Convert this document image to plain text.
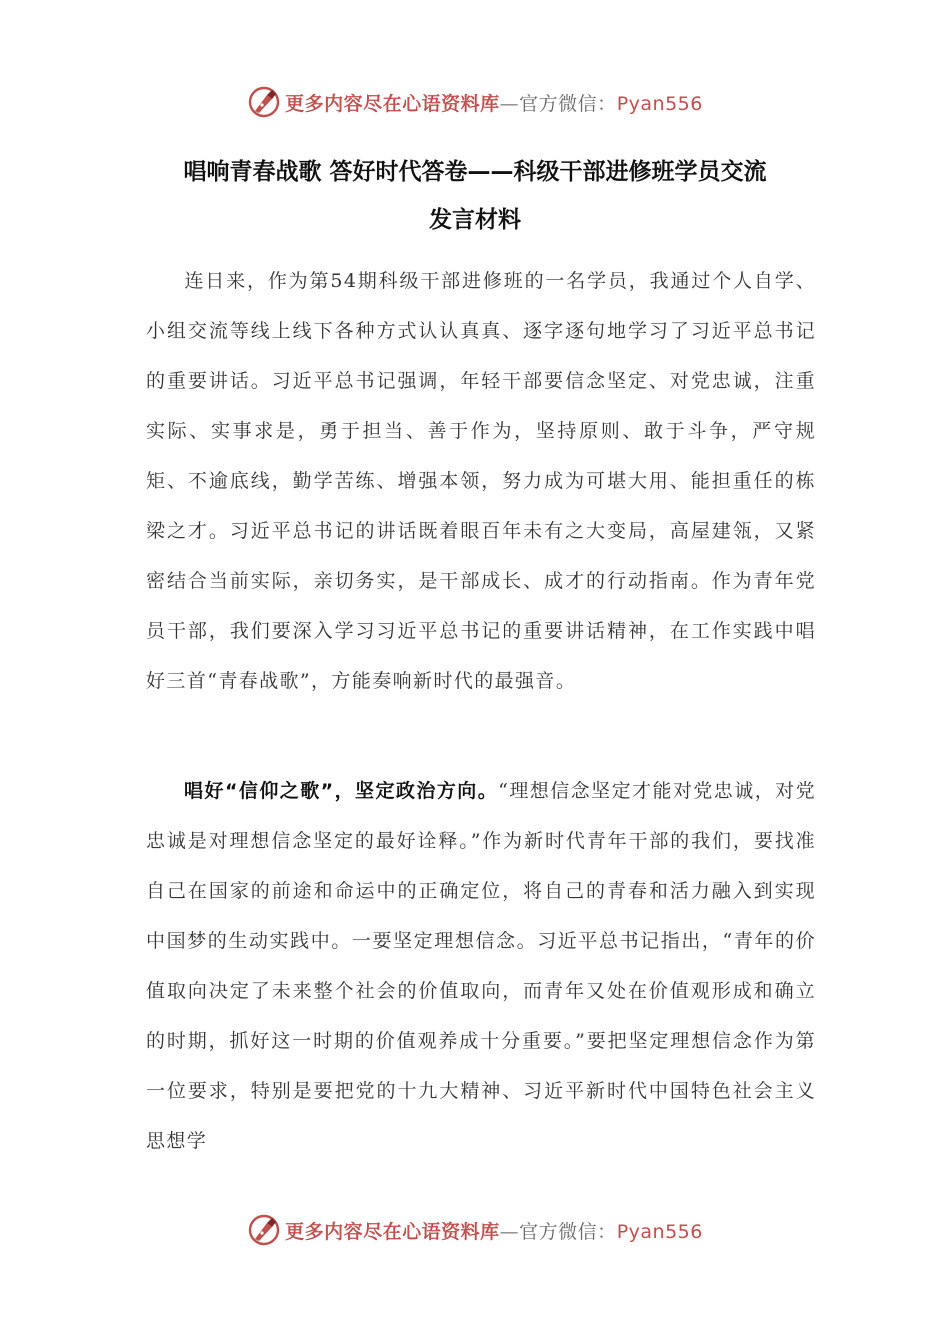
更多内容尽在心语资料库—官方微信：Pyan556
唱响青春战歌 答好时代答卷——科级干部进修班学员交流
发言材料

连日来，作为第54期科级干部进修班的一名学员，我通过个人自学、小组交流等线上线下各种方式认认真真、逐字逐句地学习了习近平总书记的重要讲话。习近平总书记强调，年轻干部要信念坚定、对党忠诚，注重实际、实事求是，勇于担当、善于作为，坚持原则、敢于斗争，严守规矩、不逾底线，勤学苦练、增强本领，努力成为可堪大用、能担重任的栋梁之才。习近平总书记的讲话既着眼百年未有之大变局，高屋建瓴，又紧密结合当前实际，亲切务实，是干部成长、成才的行动指南。作为青年党员干部，我们要深入学习习近平总书记的重要讲话精神，在工作实践中唱好三首“青春战歌”，方能奏响新时代的最强音。

唱好“信仰之歌”，坚定政治方向。“理想信念坚定才能对党忠诚，对党忠诚是对理想信念坚定的最好诠释。”作为新时代青年干部的我们，要找准自己在国家的前途和命运中的正确定位，将自己的青春和活力融入到实现中国梦的生动实践中。一要坚定理想信念。习近平总书记指出，“青年的价值取向决定了未来整个社会的价值取向，而青年又处在价值观形成和确立的时期，抓好这一时期的价值观养成十分重要。”要把坚定理想信念作为第一位要求，特别是要把党的十九大精神、习近平新时代中国特色社会主义思想学

更多内容尽在心语资料库—官方微信：Pyan556
